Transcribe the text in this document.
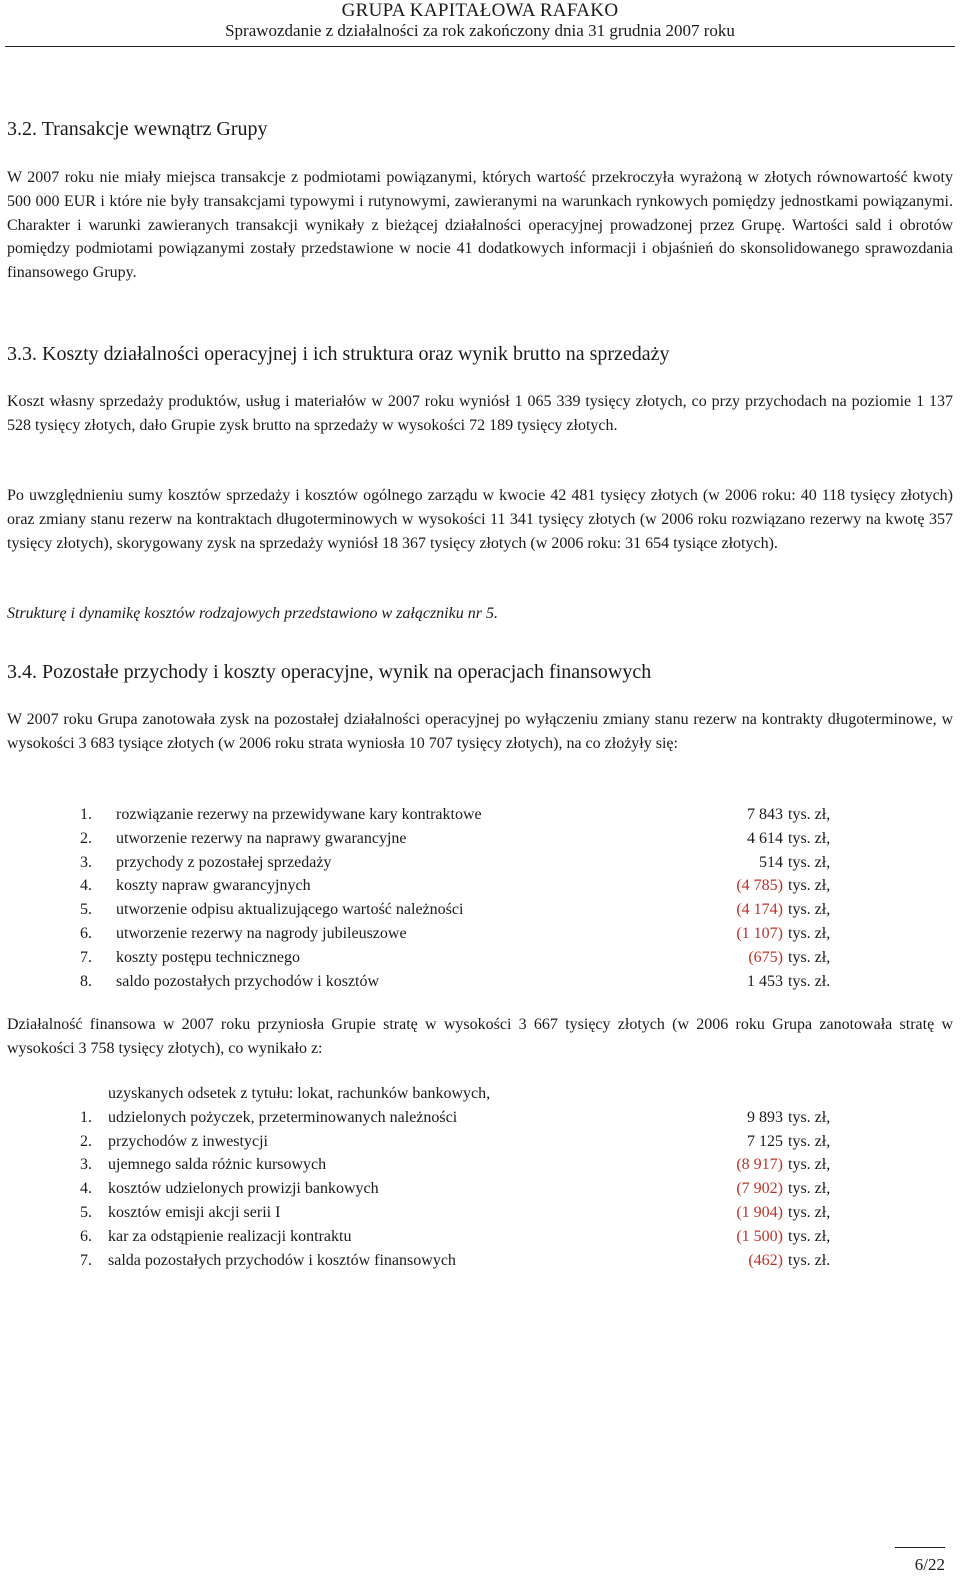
GRUPA KAPITAŁOWA RAFAKO
Sprawozdanie z działalności za rok zakończony dnia 31 grudnia 2007 roku
3.2. Transakcje wewnątrz Grupy

W 2007 roku nie miały miejsca transakcje z podmiotami powiązanymi, których wartość przekroczyła wyrażoną w złotych równowartość kwoty 500 000 EUR i które nie były transakcjami typowymi i rutynowymi, zawieranymi na warunkach rynkowych pomiędzy jednostkami powiązanymi. Charakter i warunki zawieranych transakcji wynikały z bieżącej działalności operacyjnej prowadzonej przez Grupę. Wartości sald i obrotów pomiędzy podmiotami powiązanymi zostały przedstawione w nocie 41 dodatkowych informacji i objaśnień do skonsolidowanego sprawozdania finansowego Grupy.

3.3. Koszty działalności operacyjnej i ich struktura oraz wynik brutto na sprzedaży

Koszt własny sprzedaży produktów, usług i materiałów w 2007 roku wyniósł 1 065 339 tysięcy złotych, co przy przychodach na poziomie 1 137 528 tysięcy złotych, dało Grupie zysk brutto na sprzedaży w wysokości 72 189 tysięcy złotych.

Po uwzględnieniu sumy kosztów sprzedaży i kosztów ogólnego zarządu w kwocie 42 481 tysięcy złotych (w 2006 roku: 40 118 tysięcy złotych) oraz zmiany stanu rezerw na kontraktach długoterminowych w wysokości 11 341 tysięcy złotych (w 2006 roku rozwiązano rezerwy na kwotę 357 tysięcy złotych), skorygowany zysk na sprzedaży wyniósł 18 367 tysięcy złotych (w 2006 roku: 31 654 tysiące złotych).

Strukturę i dynamikę kosztów rodzajowych przedstawiono w załączniku nr 5.

3.4. Pozostałe przychody i koszty operacyjne, wynik na operacjach finansowych

W 2007 roku Grupa zanotowała zysk na pozostałej działalności operacyjnej po wyłączeniu zmiany stanu rezerw na kontrakty długoterminowe, w wysokości 3 683 tysiące złotych (w 2006 roku strata wyniosła 10 707 tysięcy złotych), na co złożyły się:

1. rozwiązanie rezerwy na przewidywane kary kontraktowe	7 843 tys. zł,
2. utworzenie rezerwy na naprawy gwarancyjne	4 614 tys. zł,
3. przychody z pozostałej sprzedaży	514 tys. zł,
4. koszty napraw gwarancyjnych	(4 785) tys. zł,
5. utworzenie odpisu aktualizującego wartość należności	(4 174) tys. zł,
6. utworzenie rezerwy na nagrody jubileuszowe	(1 107) tys. zł,
7. koszty postępu technicznego	(675) tys. zł,
8. saldo pozostałych przychodów i kosztów	1 453 tys. zł.

Działalność finansowa w 2007 roku przyniosła Grupie stratę w wysokości 3 667 tysięcy złotych (w 2006 roku Grupa zanotowała stratę w wysokości 3 758 tysięcy złotych), co wynikało z:

uzyskanych odsetek z tytułu: lokat, rachunków bankowych,
1. udzielonych pożyczek, przeterminowanych należności	9 893 tys. zł,
2. przychodów z inwestycji	7 125 tys. zł,
3. ujemnego salda różnic kursowych	(8 917) tys. zł,
4. kosztów udzielonych prowizji bankowych	(7 902) tys. zł,
5. kosztów emisji akcji serii I	(1 904) tys. zł,
6. kar za odstąpienie realizacji kontraktu	(1 500) tys. zł,
7. salda pozostałych przychodów i kosztów finansowych	(462) tys. zł.
6/22
